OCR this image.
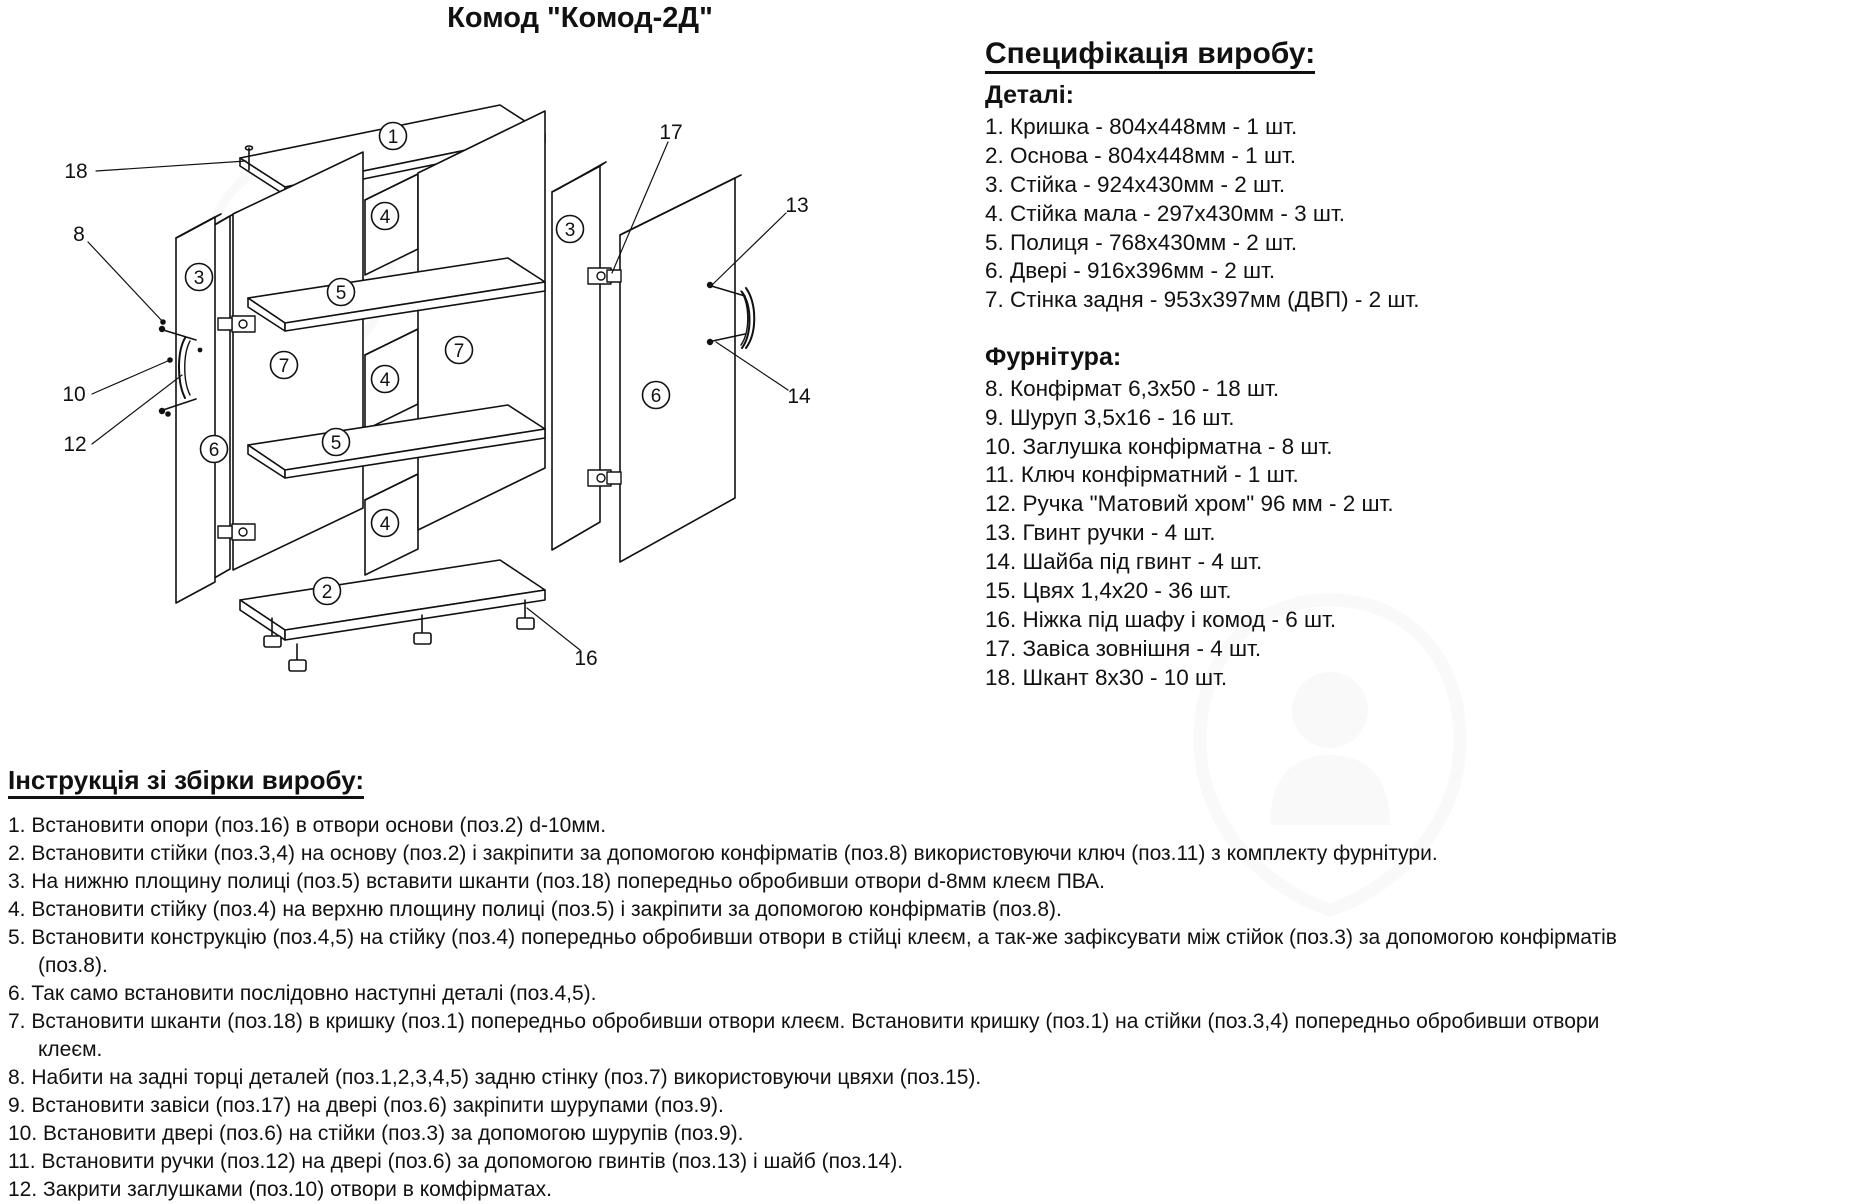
Комод "Комод-2Д"
1
2
3
3
4
4
4
5
5
6
6
7
7
8
10
12
13
14
16
17
18
Специфікація виробу:
Деталі:
1. Кришка - 804х448мм - 1 шт.
2. Основа - 804х448мм - 1 шт.
3. Стійка - 924х430мм - 2 шт.
4. Стійка мала - 297х430мм - 3 шт.
5. Полиця - 768х430мм - 2 шт.
6. Двері - 916х396мм - 2 шт.
7. Стінка задня - 953х397мм (ДВП) - 2 шт.
Фурнітура:
8. Конфірмат 6,3х50 - 18 шт.
9. Шуруп 3,5х16 - 16 шт.
10. Заглушка конфірматна - 8 шт.
11. Ключ конфірматний - 1 шт.
12. Ручка "Матовий хром" 96 мм - 2 шт.
13. Гвинт ручки - 4 шт.
14. Шайба під гвинт - 4 шт.
15. Цвях 1,4х20 - 36 шт.
16. Ніжка під шафу і комод - 6 шт.
17. Завіса зовнішня - 4 шт.
18. Шкант 8х30 - 10 шт.
Інструкція зі збірки виробу:
1. Встановити опори (поз.16) в отвори основи (поз.2) d-10мм.
2. Встановити стійки (поз.3,4) на основу (поз.2) і закріпити за допомогою конфірматів (поз.8) використовуючи ключ (поз.11) з комплекту фурнітури.
3. На нижню площину полиці (поз.5) вставити шканти (поз.18) попередньо обробивши отвори d-8мм клеєм ПВА.
4. Встановити стійку (поз.4) на верхню площину полиці (поз.5) і закріпити за допомогою конфірматів (поз.8).
5. Встановити конструкцію (поз.4,5) на стійку (поз.4) попередньо обробивши отвори в стійці клеєм, а так-же зафіксувати між стійок (поз.3) за допомогою конфірматів
(поз.8).
6. Так само встановити послідовно наступні деталі (поз.4,5).
7. Встановити шканти (поз.18) в кришку (поз.1) попередньо обробивши отвори клеєм. Встановити кришку (поз.1) на стійки (поз.3,4) попередньо обробивши отвори
клеєм.
8. Набити на задні торці деталей (поз.1,2,3,4,5) задню стінку (поз.7) використовуючи цвяхи (поз.15).
9. Встановити завіси (поз.17) на двері (поз.6) закріпити шурупами (поз.9).
10. Встановити двері (поз.6) на стійки (поз.3) за допомогою шурупів (поз.9).
11. Встановити ручки (поз.12) на двері (поз.6) за допомогою гвинтів (поз.13) і шайб (поз.14).
12. Закрити заглушками (поз.10) отвори в комфірматах.
